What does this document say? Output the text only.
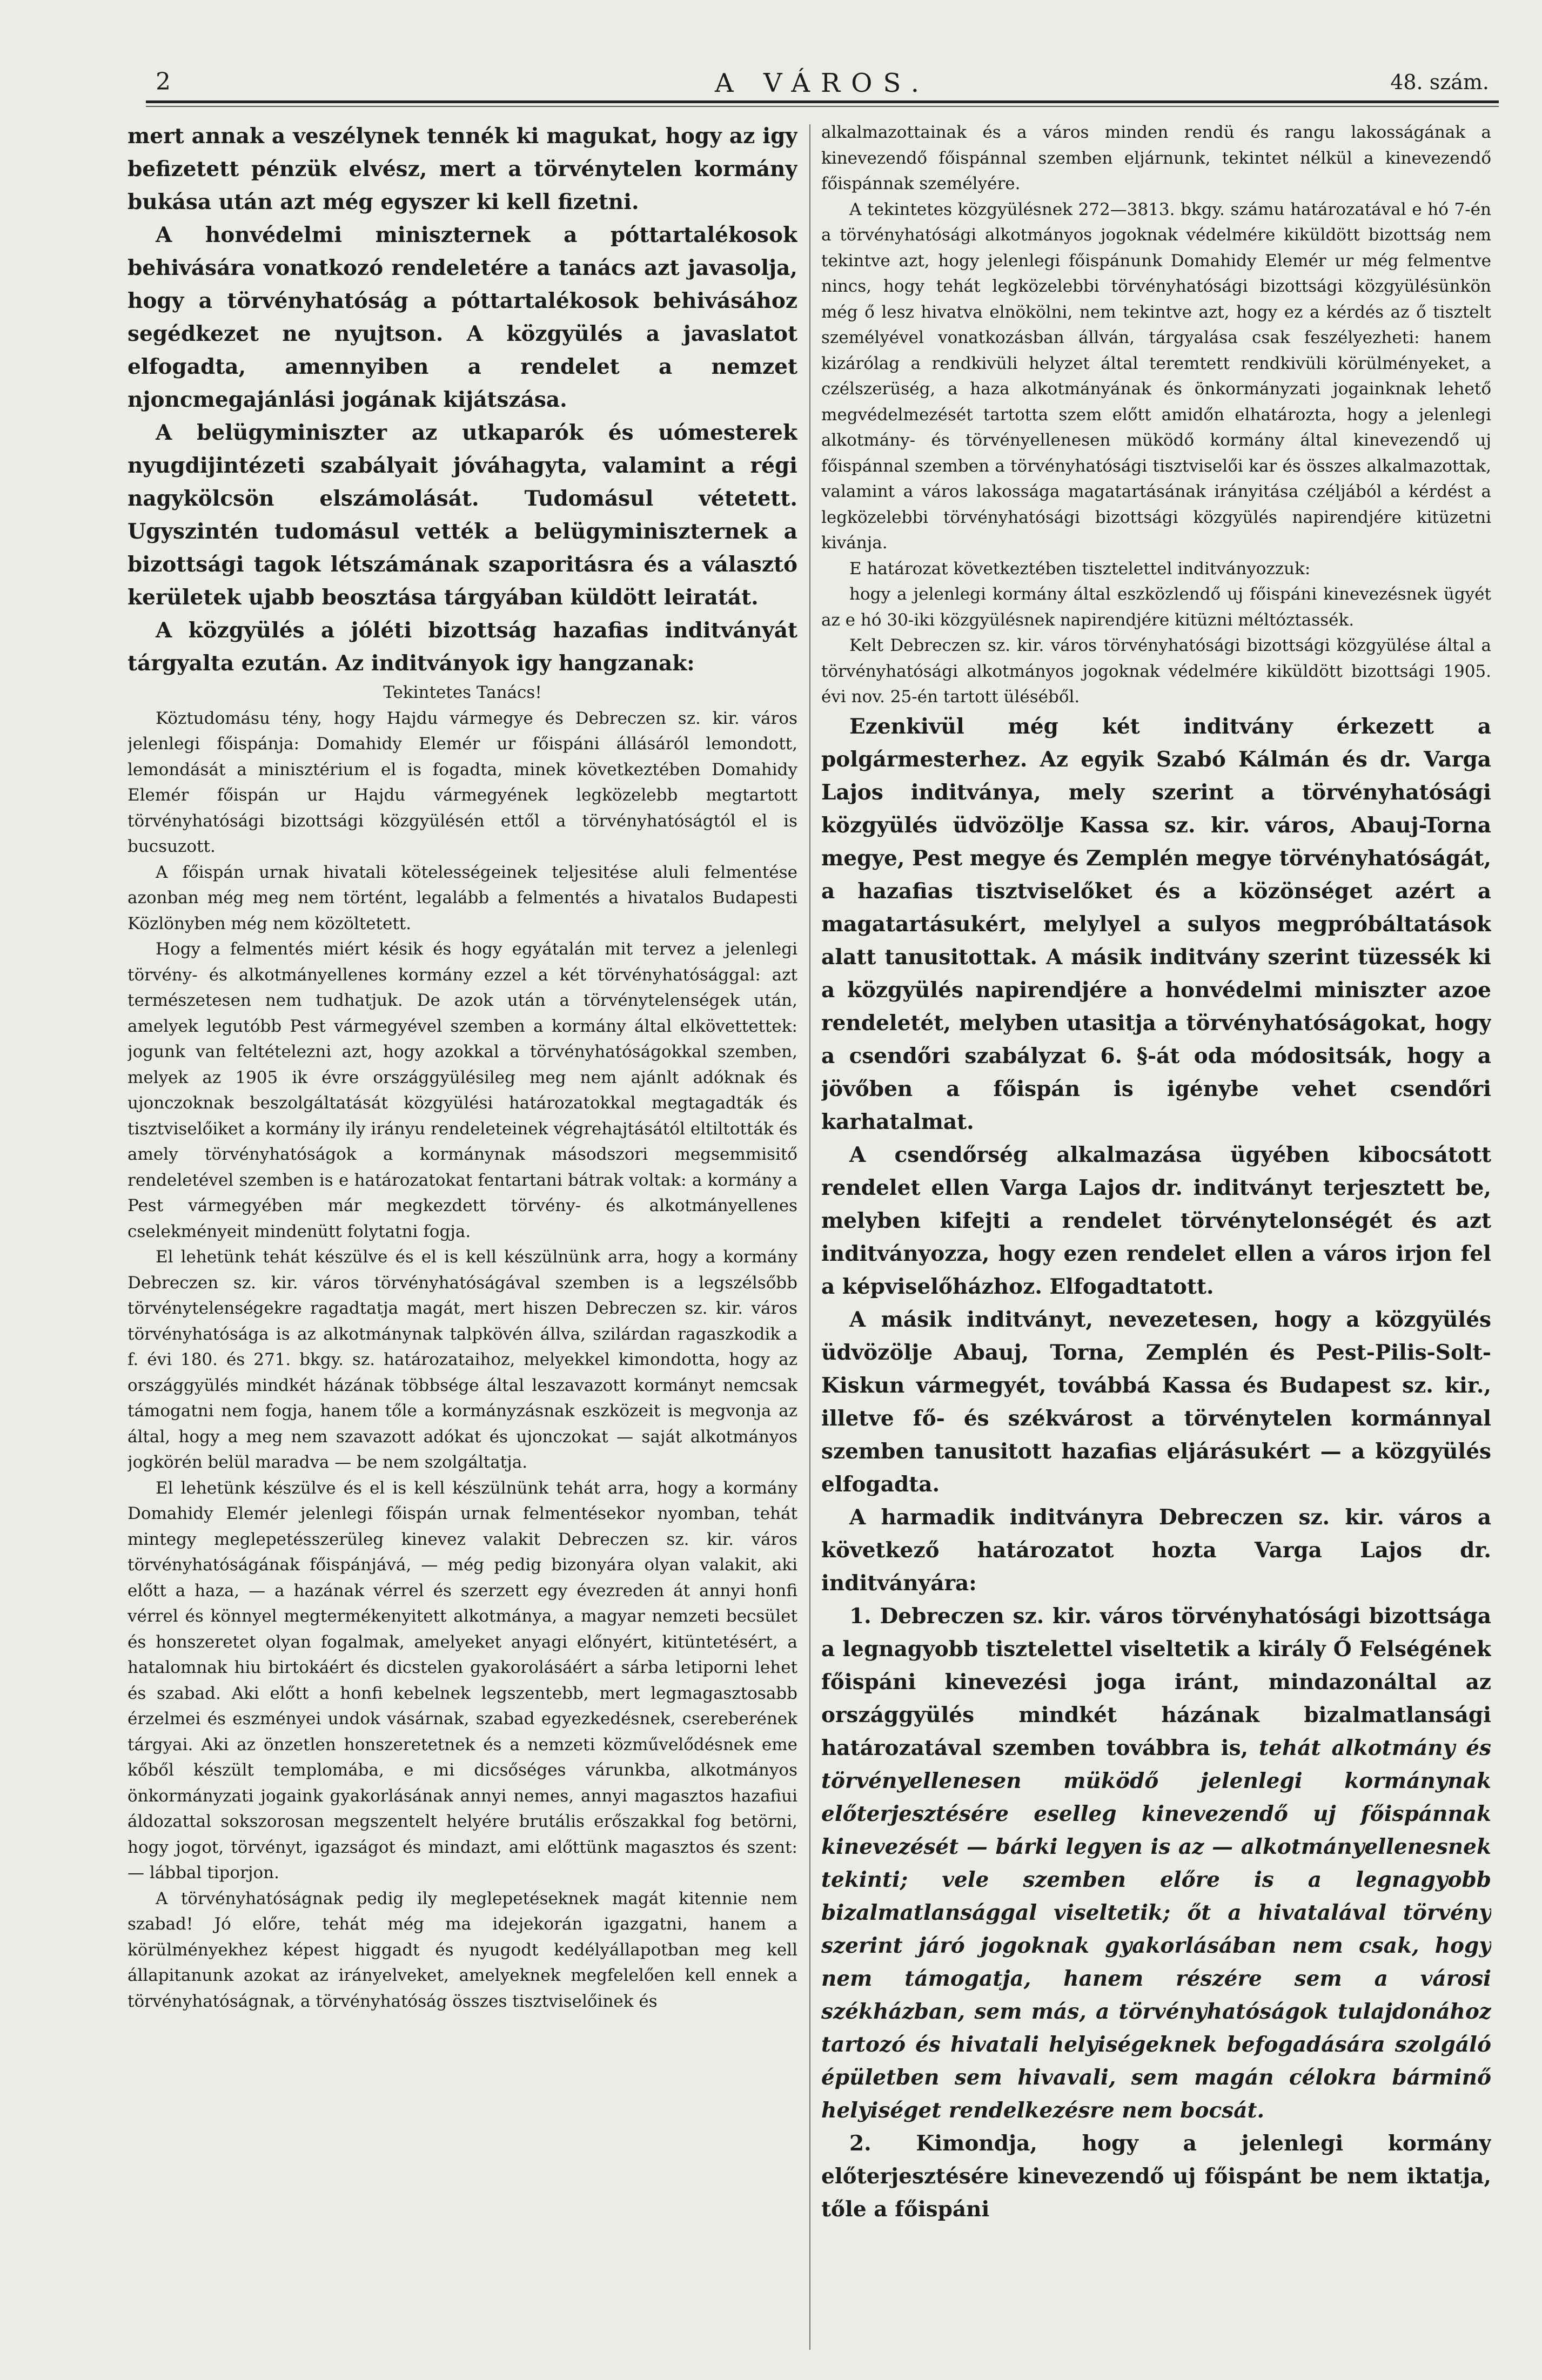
2	A VÁROS.	48. szám.

mert annak a veszélynek tennék ki magukat, hogy az igy befizetett pénzük elvész, mert a törvénytelen kormány bukása után azt még egyszer ki kell fizetni.

A honvédelmi miniszternek a póttartalékosok behivására vonatkozó rendeletére a tanács azt javasolja, hogy a törvényhatóság a póttartalékosok behivásához segédkezet ne nyujtson. A közgyülés a javaslatot elfogadta, amennyiben a rendelet a nemzet njoncmegajánlási jogának kijátszása.

A belügyminiszter az utkaparók és uómesterek nyugdijintézeti szabályait jóváhagyta, valamint a régi nagykölcsön elszámolását. Tudomásul vétetett. Ugyszintén tudomásul vették a belügyminiszternek a bizottsági tagok létszámának szaporitásra és a választó kerületek ujabb beosztása tárgyában küldött leiratát.

A közgyülés a jóléti bizottság hazafias inditványát tárgyalta ezután. Az inditványok igy hangzanak:

Tekintetes Tanács!

Köztudomásu tény, hogy Hajdu vármegye és Debreczen sz. kir. város jelenlegi főispánja: Domahidy Elemér ur főispáni állásáról lemondott, lemondását a minisztérium el is fogadta, minek következtében Domahidy Elemér főispán ur Hajdu vármegyének legközelebb megtartott törvényhatósági bizottsági közgyülésén ettől a törvényhatóságtól el is bucsuzott.

A főispán urnak hivatali kötelességeinek teljesitése aluli felmentése azonban még meg nem történt, legalább a felmentés a hivatalos Budapesti Közlönyben még nem közöltetett.

Hogy a felmentés miért késik és hogy egyátalán mit tervez a jelenlegi törvény- és alkotmányellenes kormány ezzel a két törvényhatósággal: azt természetesen nem tudhatjuk. De azok után a törvénytelenségek után, amelyek legutóbb Pest vármegyével szemben a kormány által elkövettettek: jogunk van feltételezni azt, hogy azokkal a törvényhatóságokkal szemben, melyek az 1905 ik évre országgyülésileg meg nem ajánlt adóknak és ujonczoknak beszolgáltatását közgyülési határozatokkal megtagadták és tisztviselőiket a kormány ily irányu rendeleteinek végrehajtásától eltiltották és amely törvényhatóságok a kormánynak másodszori megsemmisitő rendeletével szemben is e határozatokat fentartani bátrak voltak: a kormány a Pest vármegyében már megkezdett törvény- és alkotmányellenes cselekményeit mindenütt folytatni fogja.

El lehetünk tehát készülve és el is kell készülnünk arra, hogy a kormány Debreczen sz. kir. város törvényhatóságával szemben is a legszélsőbb törvénytelenségekre ragadtatja magát, mert hiszen Debreczen sz. kir. város törvényhatósága is az alkotmánynak talpkövén állva, szilárdan ragaszkodik a f. évi 180. és 271. bkgy. sz. határozataihoz, melyekkel kimondotta, hogy az országgyülés mindkét házának többsége által leszavazott kormányt nemcsak támogatni nem fogja, hanem tőle a kormányzásnak eszközeit is megvonja az által, hogy a meg nem szavazott adókat és ujonczokat — saját alkotmányos jogkörén belül maradva — be nem szolgáltatja.

El lehetünk készülve és el is kell készülnünk tehát arra, hogy a kormány Domahidy Elemér jelenlegi főispán urnak felmentésekor nyomban, tehát mintegy meglepetésszerüleg kinevez valakit Debreczen sz. kir. város törvényhatóságának főispánjává, — még pedig bizonyára olyan valakit, aki előtt a haza, — a hazának vérrel és szerzett egy évezreden át annyi honfi vérrel és könnyel megtermékenyitett alkotmánya, a magyar nemzeti becsület és honszeretet olyan fogalmak, amelyeket anyagi előnyért, kitüntetésért, a hatalomnak hiu birtokáért és dicstelen gyakorolásáért a sárba letiporni lehet és szabad. Aki előtt a honfi kebelnek legszentebb, mert legmagasztosabb érzelmei és eszményei undok vásárnak, szabad egyezkedésnek, csereberének tárgyai. Aki az önzetlen honszeretetnek és a nemzeti közművelődésnek eme kőből készült templomába, e mi dicsőséges várunkba, alkotmányos önkormányzati jogaink gyakorlásának annyi nemes, annyi magasztos hazafiui áldozattal sokszorosan megszentelt helyére brutális erőszakkal fog betörni, hogy jogot, törvényt, igazságot és mindazt, ami előttünk magasztos és szent: — lábbal tiporjon.

A törvényhatóságnak pedig ily meglepetéseknek magát kitennie nem szabad! Jó előre, tehát még ma idejekorán igazgatni, hanem a körülményekhez képest higgadt és nyugodt kedélyállapotban meg kell állapitanunk azokat az irányelveket, amelyeknek megfelelően kell ennek a törvényhatóságnak, a törvényhatóság összes tisztviselőinek és

alkalmazottainak és a város minden rendü és rangu lakosságának a kinevezendő főispánnal szemben eljárnunk, tekintet nélkül a kinevezendő főispánnak személyére.

A tekintetes közgyülésnek 272—3813. bkgy. számu határozatával e hó 7-én a törvényhatósági alkotmányos jogoknak védelmére kiküldött bizottság nem tekintve azt, hogy jelenlegi főispánunk Domahidy Elemér ur még felmentve nincs, hogy tehát legközelebbi törvényhatósági bizottsági közgyülésünkön még ő lesz hivatva elnökölni, nem tekintve azt, hogy ez a kérdés az ő tisztelt személyével vonatkozásban állván, tárgyalása csak feszélyezheti: hanem kizárólag a rendkivüli helyzet által teremtett rendkivüli körülményeket, a czélszerüség, a haza alkotmányának és önkormányzati jogainknak lehető megvédelmezését tartotta szem előtt amidőn elhatározta, hogy a jelenlegi alkotmány- és törvényellenesen müködő kormány által kinevezendő uj főispánnal szemben a törvényhatósági tisztviselői kar és összes alkalmazottak, valamint a város lakossága magatartásának irányitása czéljából a kérdést a legközelebbi törvényhatósági bizottsági közgyülés napirendjére kitüzetni kivánja.

E határozat következtében tisztelettel inditványozzuk:

hogy a jelenlegi kormány által eszközlendő uj főispáni kinevezésnek ügyét az e hó 30-iki közgyülésnek napirendjére kitüzni méltóztassék.

Kelt Debreczen sz. kir. város törvényhatósági bizottsági közgyülése által a törvényhatósági alkotmányos jogoknak védelmére kiküldött bizottsági 1905. évi nov. 25-én tartott üléséből.

Ezenkivül még két inditvány érkezett a polgármesterhez. Az egyik Szabó Kálmán és dr. Varga Lajos inditványa, mely szerint a törvényhatósági közgyülés üdvözölje Kassa sz. kir. város, Abauj-Torna megye, Pest megye és Zemplén megye törvényhatóságát, a hazafias tisztviselőket és a közönséget azért a magatartásukért, melylyel a sulyos megpróbáltatások alatt tanusitottak. A másik inditvány szerint tüzessék ki a közgyülés napirendjére a honvédelmi miniszter azoe rendeletét, melyben utasitja a törvényhatóságokat, hogy a csendőri szabályzat 6. §-át oda módositsák, hogy a jövőben a főispán is igénybe vehet csendőri karhatalmat.

A csendőrség alkalmazása ügyében kibocsátott rendelet ellen Varga Lajos dr. inditványt terjesztett be, melyben kifejti a rendelet törvénytelonségét és azt inditványozza, hogy ezen rendelet ellen a város irjon fel a képviselőházhoz. Elfogadtatott.

A másik inditványt, nevezetesen, hogy a közgyülés üdvözölje Abauj, Torna, Zemplén és Pest-Pilis-Solt-Kiskun vármegyét, továbbá Kassa és Budapest sz. kir., illetve fő- és székvárost a törvénytelen kormánnyal szemben tanusitott hazafias eljárásukért — a közgyülés elfogadta.

A harmadik inditványra Debreczen sz. kir. város a következő határozatot hozta Varga Lajos dr. inditványára:

1. Debreczen sz. kir. város törvényhatósági bizottsága a legnagyobb tisztelettel viseltetik a király Ő Felségének főispáni kinevezési joga iránt, mindazonáltal az országgyülés mindkét házának bizalmatlansági határozatával szemben továbbra is, tehát alkotmány és törvényellenesen müködő jelenlegi kormánynak előterjesztésére eselleg kinevezendő uj főispánnak kinevezését — bárki legyen is az — alkotmányellenesnek tekinti; vele szemben előre is a legnagyobb bizalmatlansággal viseltetik; őt a hivatalával törvény szerint járó jogoknak gyakorlásában nem csak, hogy nem támogatja, hanem részére sem a városi székházban, sem más, a törvényhatóságok tulajdonához tartozó és hivatali helyiségeknek befogadására szolgáló épületben sem hivavali, sem magán célokra bárminő helyiséget rendelkezésre nem bocsát.

2. Kimondja, hogy a jelenlegi kormány előterjesztésére kinevezendő uj főispánt be nem iktatja, tőle a főispáni
